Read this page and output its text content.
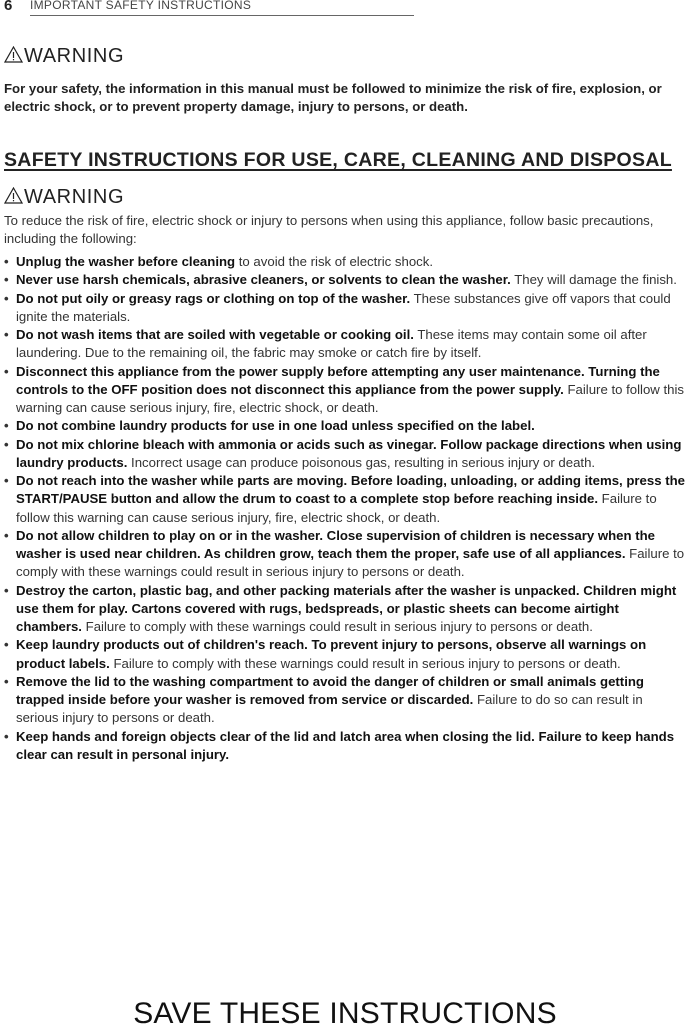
6 IMPORTANT SAFETY INSTRUCTIONS
WARNING
For your safety, the information in this manual must be followed to minimize the risk of fire, explosion, or electric shock, or to prevent property damage, injury to persons, or death.
SAFETY INSTRUCTIONS FOR USE, CARE, CLEANING AND DISPOSAL
WARNING
To reduce the risk of fire, electric shock or injury to persons when using this appliance, follow basic precautions, including the following:
• Unplug the washer before cleaning to avoid the risk of electric shock.
• Never use harsh chemicals, abrasive cleaners, or solvents to clean the washer. They will damage the finish.
• Do not put oily or greasy rags or clothing on top of the washer. These substances give off vapors that could ignite the materials.
• Do not wash items that are soiled with vegetable or cooking oil. These items may contain some oil after laundering. Due to the remaining oil, the fabric may smoke or catch fire by itself.
• Disconnect this appliance from the power supply before attempting any user maintenance. Turning the controls to the OFF position does not disconnect this appliance from the power supply. Failure to follow this warning can cause serious injury, fire, electric shock, or death.
• Do not combine laundry products for use in one load unless specified on the label.
• Do not mix chlorine bleach with ammonia or acids such as vinegar. Follow package directions when using laundry products. Incorrect usage can produce poisonous gas, resulting in serious injury or death.
• Do not reach into the washer while parts are moving. Before loading, unloading, or adding items, press the START/PAUSE button and allow the drum to coast to a complete stop before reaching inside. Failure to follow this warning can cause serious injury, fire, electric shock, or death.
• Do not allow children to play on or in the washer. Close supervision of children is necessary when the washer is used near children. As children grow, teach them the proper, safe use of all appliances. Failure to comply with these warnings could result in serious injury to persons or death.
• Destroy the carton, plastic bag, and other packing materials after the washer is unpacked. Children might use them for play. Cartons covered with rugs, bedspreads, or plastic sheets can become airtight chambers. Failure to comply with these warnings could result in serious injury to persons or death.
• Keep laundry products out of children's reach. To prevent injury to persons, observe all warnings on product labels. Failure to comply with these warnings could result in serious injury to persons or death.
• Remove the lid to the washing compartment to avoid the danger of children or small animals getting trapped inside before your washer is removed from service or discarded. Failure to do so can result in serious injury to persons or death.
• Keep hands and foreign objects clear of the lid and latch area when closing the lid. Failure to keep hands clear can result in personal injury.
SAVE THESE INSTRUCTIONS
